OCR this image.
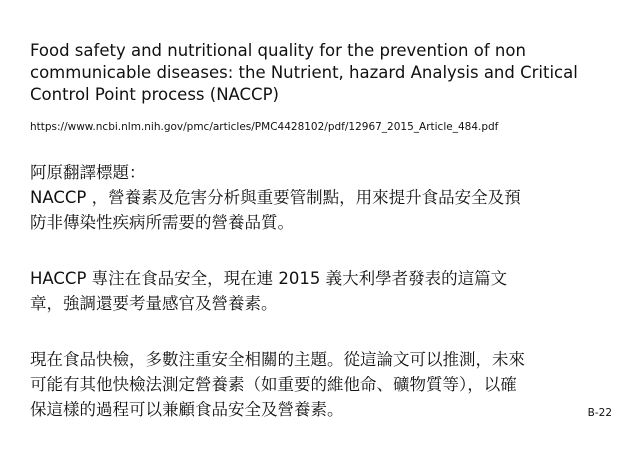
Food safety and nutritional quality for the prevention of non
communicable diseases: the Nutrient, hazard Analysis and Critical
Control Point process (NACCP)

https://www.ncbi.nlm.nih.gov/pmc/articles/PMC4428102/pdf/12967_2015_Article_484.pdf

阿原翻譯標題：
NACCP ，營養素及危害分析與重要管制點，用來提升食品安全及預
防非傳染性疾病所需要的營養品質。

HACCP 專注在食品安全，現在連 2015 義大利學者發表的這篇文
章，強調還要考量感官及營養素。

現在食品快檢，多數注重安全相關的主題。從這論文可以推測，未來
可能有其他快檢法測定營養素（如重要的維他命、礦物質等），以確
保這樣的過程可以兼顧食品安全及營養素。	B-22
